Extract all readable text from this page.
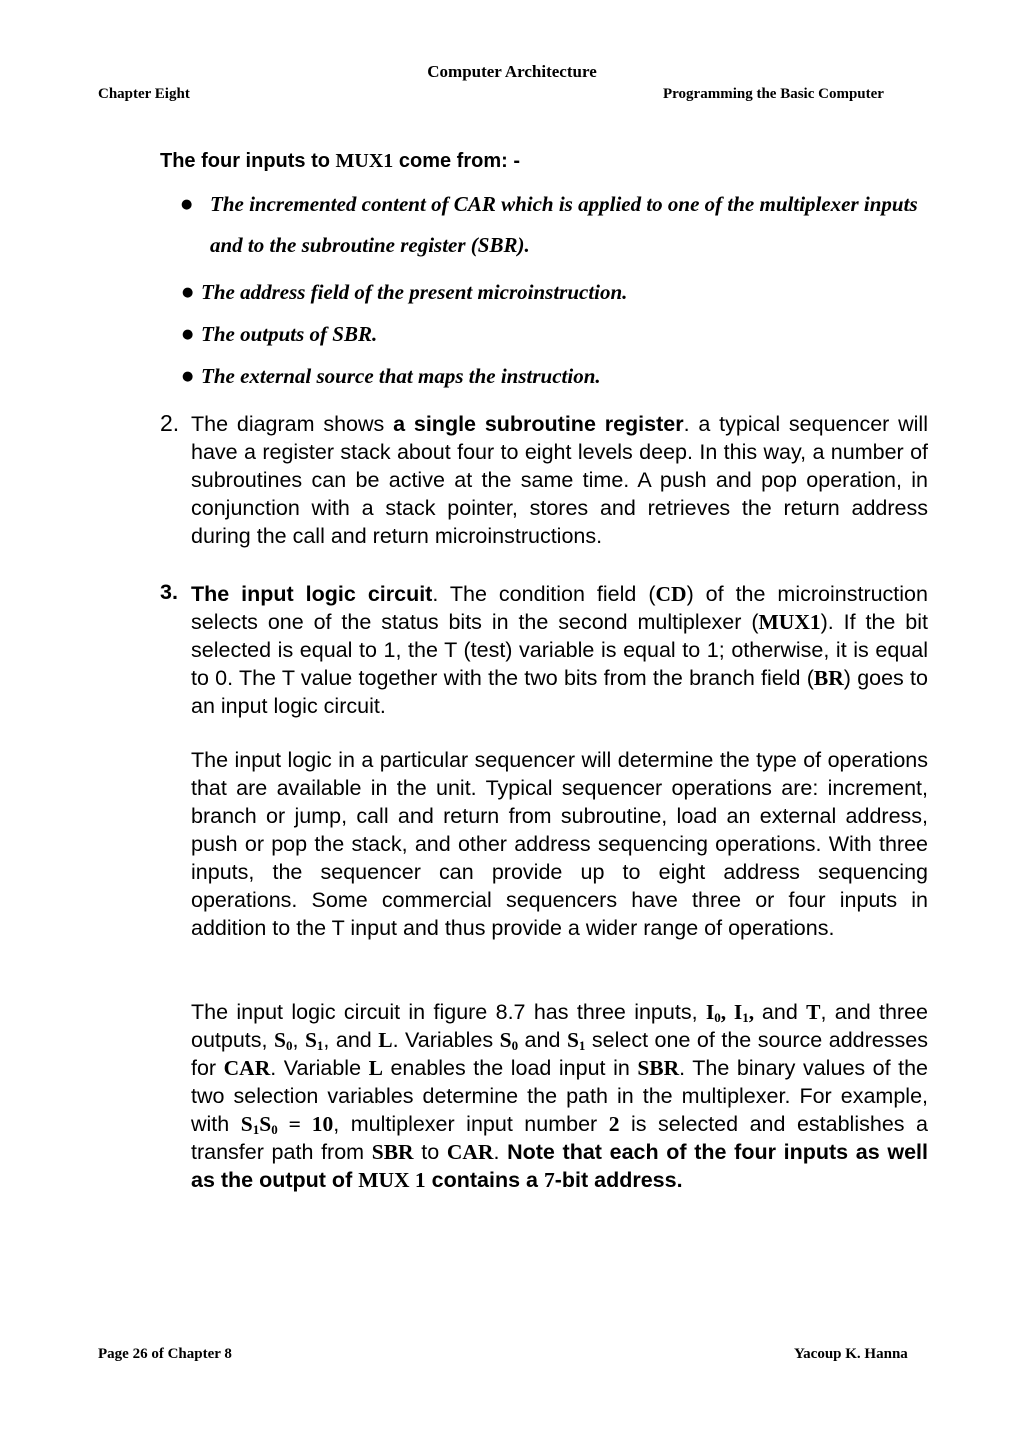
Computer Architecture
Chapter Eight	Programming the Basic Computer
The four inputs to MUX1 come from: -
● The incremented content of CAR which is applied to one of the multiplexer inputs and to the subroutine register (SBR).
● The address field of the present microinstruction.
● The outputs of SBR.
● The external source that maps the instruction.
2. The diagram shows a single subroutine register. a typical sequencer will have a register stack about four to eight levels deep. In this way, a number of subroutines can be active at the same time. A push and pop operation, in conjunction with a stack pointer, stores and retrieves the return address during the call and return microinstructions.
3. The input logic circuit. The condition field (CD) of the microinstruction selects one of the status bits in the second multiplexer (MUX1). If the bit selected is equal to 1, the T (test) variable is equal to 1; otherwise, it is equal to 0. The T value together with the two bits from the branch field (BR) goes to an input logic circuit.
The input logic in a particular sequencer will determine the type of operations that are available in the unit. Typical sequencer operations are: increment, branch or jump, call and return from subroutine, load an external address, push or pop the stack, and other address sequencing operations. With three inputs, the sequencer can provide up to eight address sequencing operations. Some commercial sequencers have three or four inputs in addition to the T input and thus provide a wider range of operations.
The input logic circuit in figure 8.7 has three inputs, $I_0$, $I_1$, and T, and three outputs, $S_0$, $S_1$, and L. Variables $S_0$ and $S_1$ select one of the source addresses for CAR. Variable L enables the load input in SBR. The binary values of the two selection variables determine the path in the multiplexer. For example, with $S_1S_0 = 10$, multiplexer input number 2 is selected and establishes a transfer path from SBR to CAR. Note that each of the four inputs as well as the output of MUX 1 contains a 7-bit address.
Page 26 of Chapter 8	Yacoup K. Hanna
